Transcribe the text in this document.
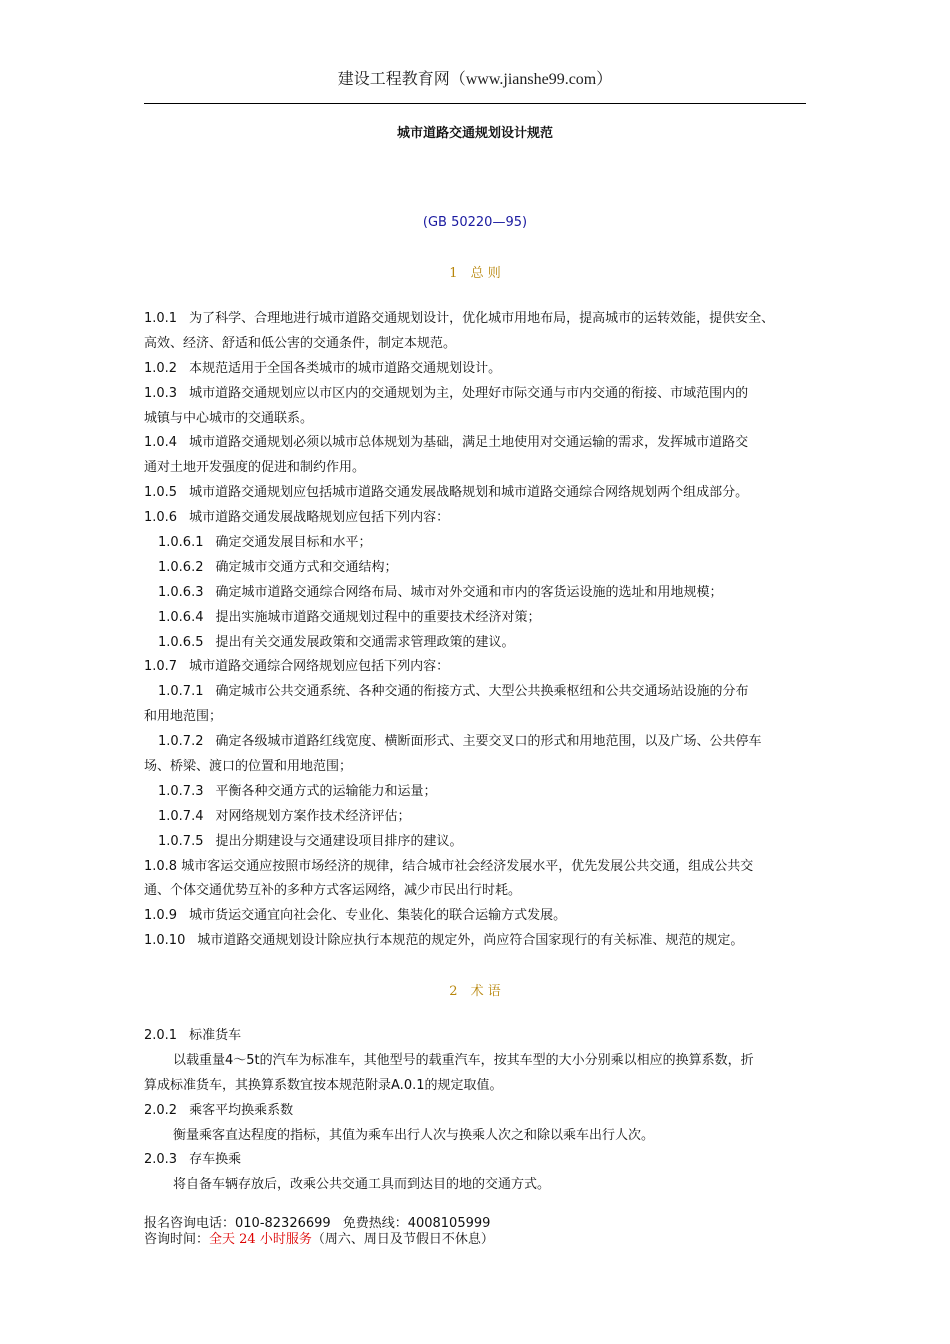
建设工程教育网（www.jianshe99.com）
城市道路交通规划设计规范
(GB 50220—95)
1　总 则
1.0.1 为了科学、合理地进行城市道路交通规划设计，优化城市用地布局，提高城市的运转效能，提供安全、
高效、经济、舒适和低公害的交通条件，制定本规范。
1.0.2 本规范适用于全国各类城市的城市道路交通规划设计。
1.0.3 城市道路交通规划应以市区内的交通规划为主，处理好市际交通与市内交通的衔接、市域范围内的
城镇与中心城市的交通联系。
1.0.4 城市道路交通规划必须以城市总体规划为基础，满足土地使用对交通运输的需求，发挥城市道路交
通对土地开发强度的促进和制约作用。
1.0.5 城市道路交通规划应包括城市道路交通发展战略规划和城市道路交通综合网络规划两个组成部分。
1.0.6 城市道路交通发展战略规划应包括下列内容：
1.0.6.1 确定交通发展目标和水平；
1.0.6.2 确定城市交通方式和交通结构；
1.0.6.3 确定城市道路交通综合网络布局、城市对外交通和市内的客货运设施的选址和用地规模；
1.0.6.4 提出实施城市道路交通规划过程中的重要技术经济对策；
1.0.6.5 提出有关交通发展政策和交通需求管理政策的建议。
1.0.7 城市道路交通综合网络规划应包括下列内容：
1.0.7.1 确定城市公共交通系统、各种交通的衔接方式、大型公共换乘枢纽和公共交通场站设施的分布
和用地范围；
1.0.7.2 确定各级城市道路红线宽度、横断面形式、主要交叉口的形式和用地范围，以及广场、公共停车
场、桥梁、渡口的位置和用地范围；
1.0.7.3 平衡各种交通方式的运输能力和运量；
1.0.7.4 对网络规划方案作技术经济评估；
1.0.7.5 提出分期建设与交通建设项目排序的建议。
1.0.8 城市客运交通应按照市场经济的规律，结合城市社会经济发展水平，优先发展公共交通，组成公共交
通、个体交通优势互补的多种方式客运网络，减少市民出行时耗。
1.0.9 城市货运交通宜向社会化、专业化、集装化的联合运输方式发展。
1.0.10 城市道路交通规划设计除应执行本规范的规定外，尚应符合国家现行的有关标准、规范的规定。
2　术 语
2.0.1 标准货车
以载重量4～5t的汽车为标准车，其他型号的载重汽车，按其车型的大小分别乘以相应的换算系数，折
算成标准货车，其换算系数宜按本规范附录A.0.1的规定取值。
2.0.2 乘客平均换乘系数
衡量乘客直达程度的指标，其值为乘车出行人次与换乘人次之和除以乘车出行人次。
2.0.3 存车换乘
将自备车辆存放后，改乘公共交通工具而到达目的地的交通方式。
报名咨询电话：010-82326699 免费热线：4008105999
咨询时间：全天 24 小时服务（周六、周日及节假日不休息）
